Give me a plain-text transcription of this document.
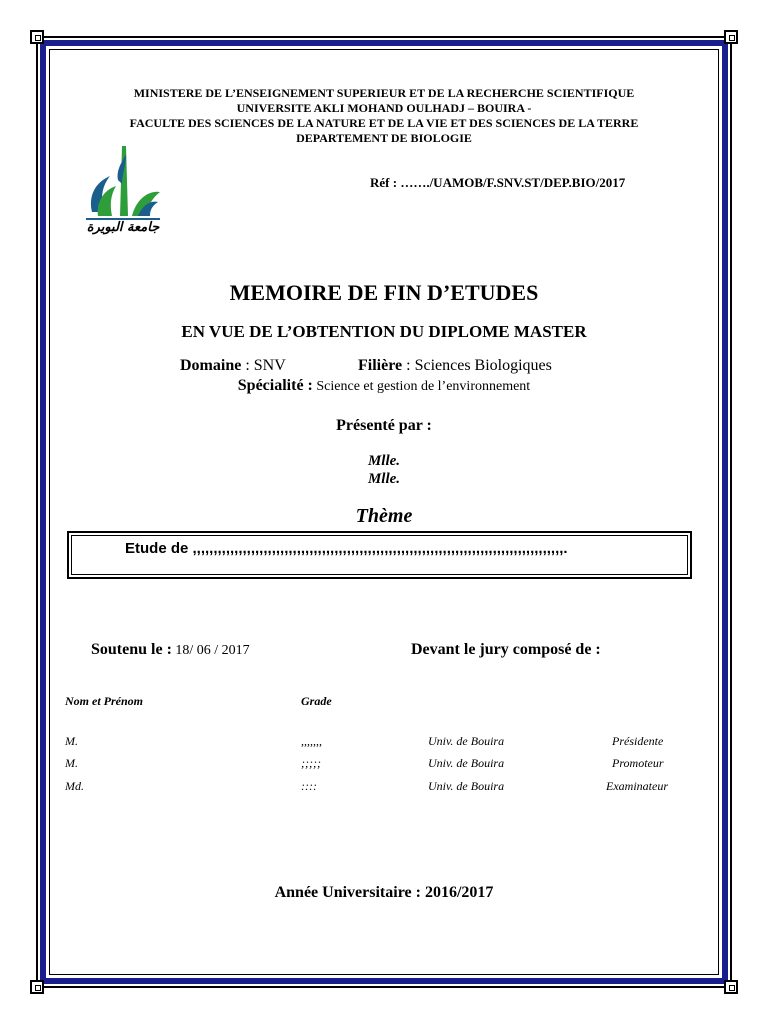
MINISTERE DE L’ENSEIGNEMENT SUPERIEUR ET DE LA RECHERCHE SCIENTIFIQUE
UNIVERSITE AKLI MOHAND OULHADJ – BOUIRA -
FACULTE DES SCIENCES DE LA NATURE ET DE LA VIE ET DES SCIENCES DE LA TERRE
DEPARTEMENT DE BIOLOGIE
جامعة البويرة
Réf : ……./UAMOB/F.SNV.ST/DEP.BIO/2017
MEMOIRE DE FIN D’ETUDES
EN VUE DE L’OBTENTION DU DIPLOME MASTER
Domaine : SNV	Filière : Sciences Biologiques
Spécialité : Science et gestion de l’environnement
Présenté par :
Mlle.
Mlle.
Thème
Etude de ,,,,,,,,,,,,,,,,,,,,,,,,,,,,,,,,,,,,,,,,,,,,,,,,,,,,,,,,,,,,,,,,,,,,,,,,,,,,,,,,,,,,,,,,,.
Soutenu le : 18/ 06 / 2017	Devant le jury composé de :
Nom et Prénom	Grade
M.	,,,,,,,	Univ. de Bouira	Présidente
M.	;;;;;	Univ. de Bouira	Promoteur
Md.	::::	Univ. de Bouira	Examinateur
Année Universitaire : 2016/2017
